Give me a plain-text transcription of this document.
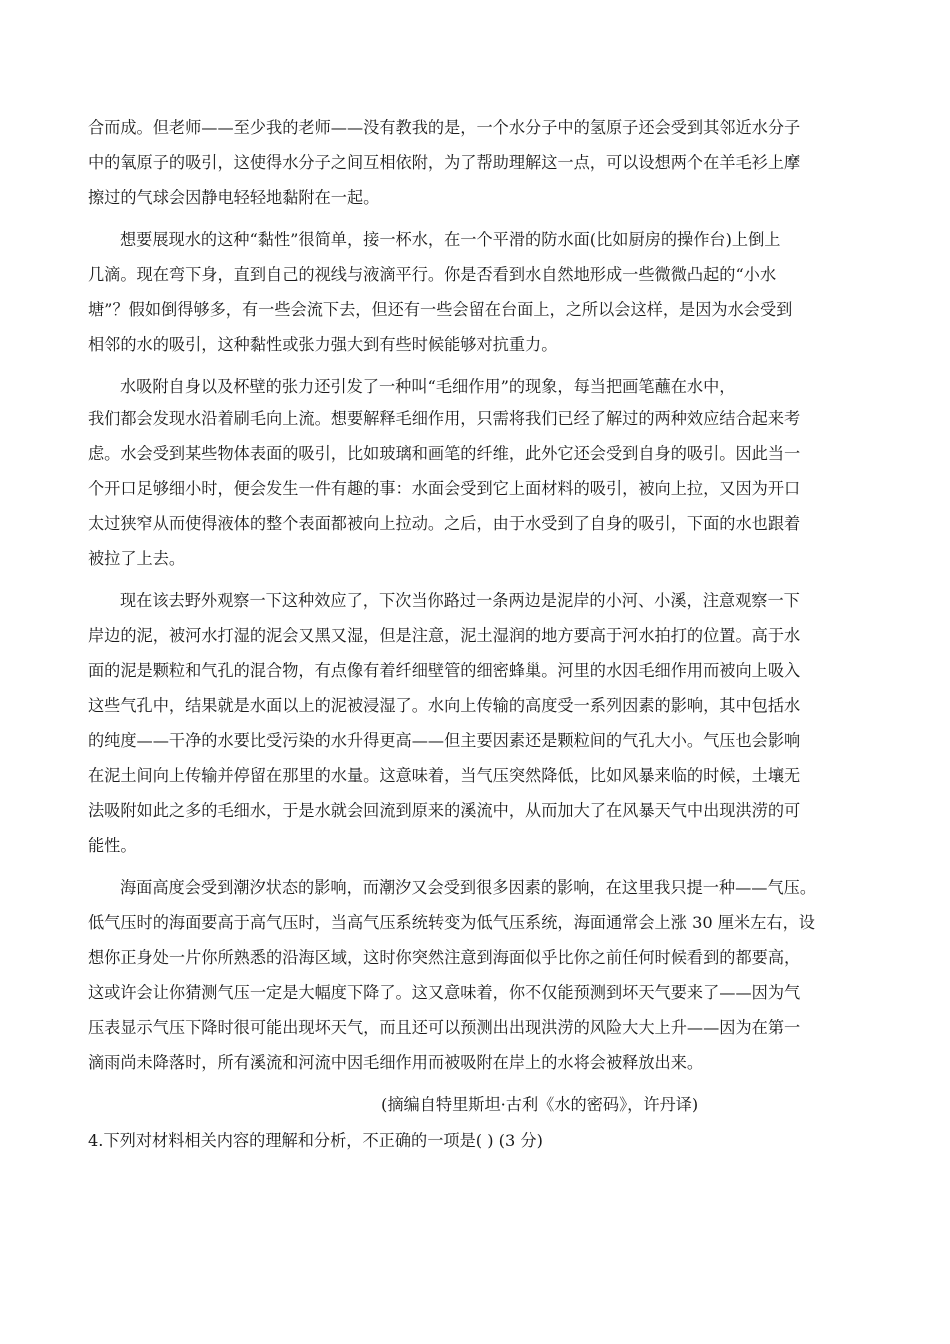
合而成。但老师——至少我的老师——没有教我的是，一个水分子中的氢原子还会受到其邻近水分子
中的氧原子的吸引，这使得水分子之间互相依附，为了帮助理解这一点，可以设想两个在羊毛衫上摩
擦过的气球会因静电轻轻地黏附在一起。
想要展现水的这种“黏性”很简单，接一杯水，在一个平滑的防水面(比如厨房的操作台)上倒上
几滴。现在弯下身，直到自己的视线与液滴平行。你是否看到水自然地形成一些微微凸起的“小水
塘”？假如倒得够多，有一些会流下去，但还有一些会留在台面上，之所以会这样，是因为水会受到
相邻的水的吸引，这种黏性或张力强大到有些时候能够对抗重力。
水吸附自身以及杯壁的张力还引发了一种叫“毛细作用”的现象，每当把画笔蘸在水中，
我们都会发现水沿着刷毛向上流。想要解释毛细作用，只需将我们已经了解过的两种效应结合起来考
虑。水会受到某些物体表面的吸引，比如玻璃和画笔的纤维，此外它还会受到自身的吸引。因此当一
个开口足够细小时，便会发生一件有趣的事：水面会受到它上面材料的吸引，被向上拉，又因为开口
太过狭窄从而使得液体的整个表面都被向上拉动。之后，由于水受到了自身的吸引，下面的水也跟着
被拉了上去。
现在该去野外观察一下这种效应了，下次当你路过一条两边是泥岸的小河、小溪，注意观察一下
岸边的泥，被河水打湿的泥会又黑又湿，但是注意，泥土湿润的地方要高于河水拍打的位置。高于水
面的泥是颗粒和气孔的混合物，有点像有着纤细壁管的细密蜂巢。河里的水因毛细作用而被向上吸入
这些气孔中，结果就是水面以上的泥被浸湿了。水向上传输的高度受一系列因素的影响，其中包括水
的纯度——干净的水要比受污染的水升得更高——但主要因素还是颗粒间的气孔大小。气压也会影响
在泥土间向上传输并停留在那里的水量。这意味着，当气压突然降低，比如风暴来临的时候，土壤无
法吸附如此之多的毛细水，于是水就会回流到原来的溪流中，从而加大了在风暴天气中出现洪涝的可
能性。
海面高度会受到潮汐状态的影响，而潮汐又会受到很多因素的影响，在这里我只提一种——气压。
低气压时的海面要高于高气压时，当高气压系统转变为低气压系统，海面通常会上涨 30 厘米左右，设
想你正身处一片你所熟悉的沿海区域，这时你突然注意到海面似乎比你之前任何时候看到的都要高，
这或许会让你猜测气压一定是大幅度下降了。这又意味着，你不仅能预测到坏天气要来了——因为气
压表显示气压下降时很可能出现坏天气，而且还可以预测出出现洪涝的风险大大上升——因为在第一
滴雨尚未降落时，所有溪流和河流中因毛细作用而被吸附在岸上的水将会被释放出来。
(摘编自特里斯坦·古利《水的密码》，许丹译)
4.下列对材料相关内容的理解和分析，不正确的一项是( ) (3 分)
